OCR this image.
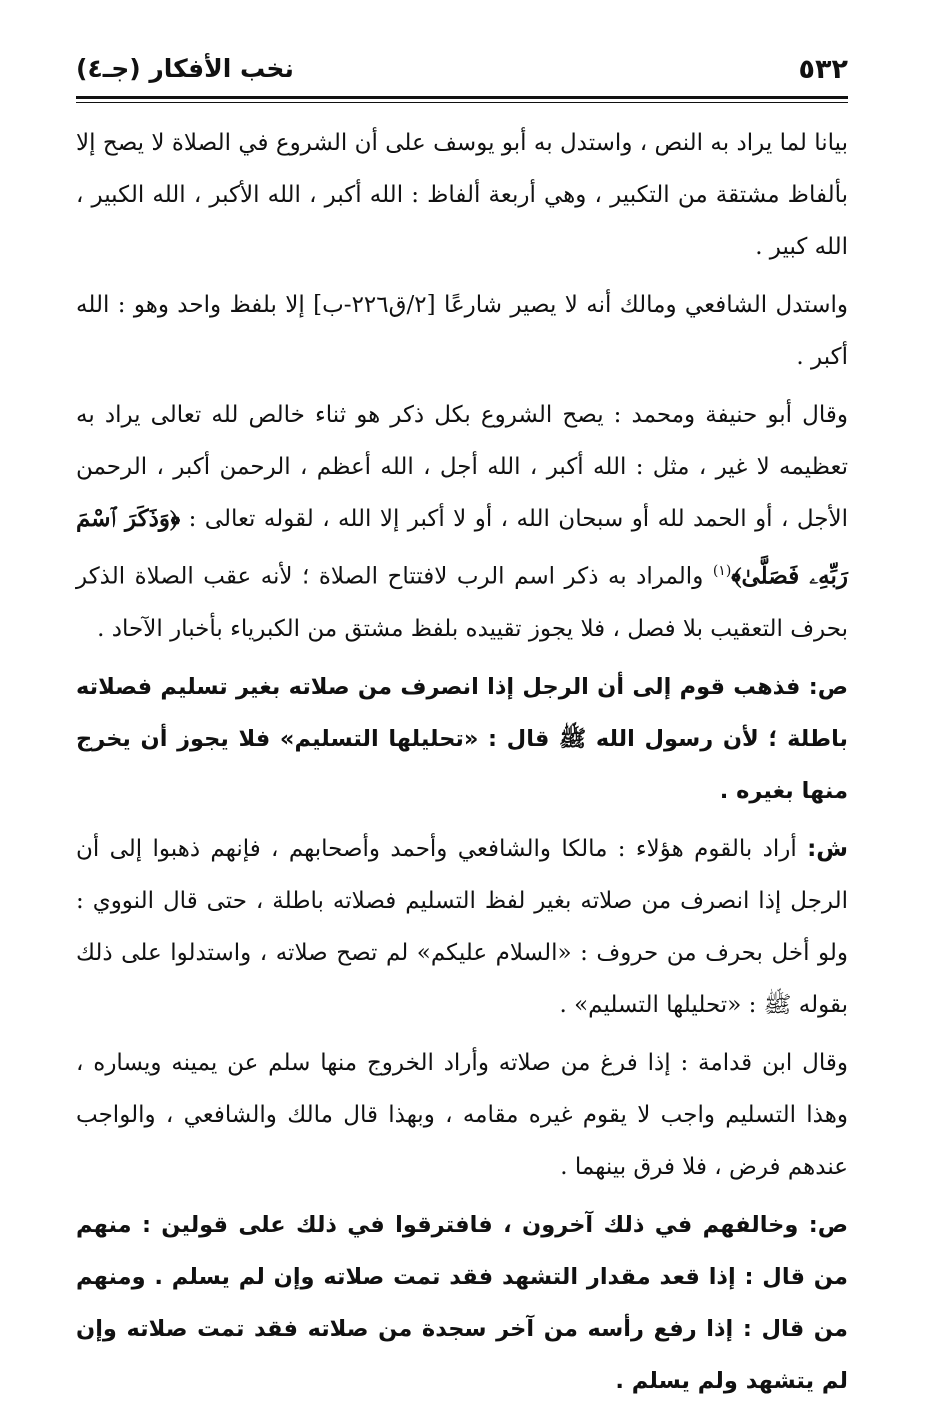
٥٣٢
نخب الأفكار (جـ٤)

بيانا لما يراد به النص ، واستدل به أبو يوسف على أن الشروع في الصلاة لا يصح إلا بألفاظ مشتقة من التكبير ، وهي أربعة ألفاظ : الله أكبر ، الله الأكبر ، الله الكبير ، الله كبير .

واستدل الشافعي ومالك أنه لا يصير شارعًا [٢/ق٢٢٦-ب] إلا بلفظ واحد وهو : الله أكبر .

وقال أبو حنيفة ومحمد : يصح الشروع بكل ذكر هو ثناء خالص لله تعالى يراد به تعظيمه لا غير ، مثل : الله أكبر ، الله أجل ، الله أعظم ، الرحمن أكبر ، الرحمن الأجل ، أو الحمد لله أو سبحان الله ، أو لا أكبر إلا الله ، لقوله تعالى : ﴿وَذَكَرَ ٱسْمَ رَبِّهِۦ فَصَلَّىٰ﴾$^{(١)}$ والمراد به ذكر اسم الرب لافتتاح الصلاة ؛ لأنه عقب الصلاة الذكر بحرف التعقيب بلا فصل ، فلا يجوز تقييده بلفظ مشتق من الكبرياء بأخبار الآحاد .

ص: فذهب قوم إلى أن الرجل إذا انصرف من صلاته بغير تسليم فصلاته باطلة ؛ لأن رسول الله ﷺ قال : «تحليلها التسليم» فلا يجوز أن يخرج منها بغيره .

ش: أراد بالقوم هؤلاء : مالكا والشافعي وأحمد وأصحابهم ، فإنهم ذهبوا إلى أن الرجل إذا انصرف من صلاته بغير لفظ التسليم فصلاته باطلة ، حتى قال النووي : ولو أخل بحرف من حروف : «السلام عليكم» لم تصح صلاته ، واستدلوا على ذلك بقوله ﷺ : «تحليلها التسليم» .

وقال ابن قدامة : إذا فرغ من صلاته وأراد الخروج منها سلم عن يمينه ويساره ، وهذا التسليم واجب لا يقوم غيره مقامه ، وبهذا قال مالك والشافعي ، والواجب عندهم فرض ، فلا فرق بينهما .

ص: وخالفهم في ذلك آخرون ، فافترقوا في ذلك على قولين : منهم من قال : إذا قعد مقدار التشهد فقد تمت صلاته وإن لم يسلم . ومنهم من قال : إذا رفع رأسه من آخر سجدة من صلاته فقد تمت صلاته وإن لم يتشهد ولم يسلم .
